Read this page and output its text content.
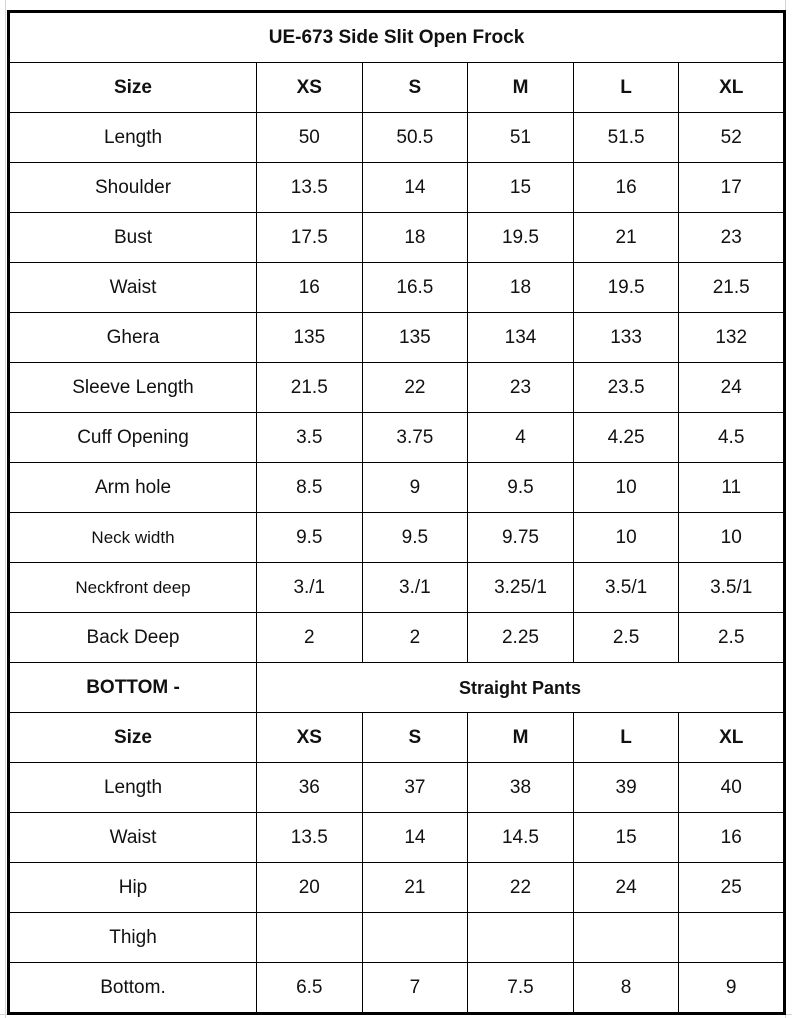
UE-673 Side Slit Open Frock					
Size	XS	S	M	L	XL
Length	50	50.5	51	51.5	52
Shoulder	13.5	14	15	16	17
Bust	17.5	18	19.5	21	23
Waist	16	16.5	18	19.5	21.5
Ghera	135	135	134	133	132
Sleeve Length	21.5	22	23	23.5	24
Cuff Opening	3.5	3.75	4	4.25	4.5
Arm hole	8.5	9	9.5	10	11
Neck width	9.5	9.5	9.75	10	10
Neckfront deep	3./1	3./1	3.25/1	3.5/1	3.5/1
Back Deep	2	2	2.25	2.5	2.5
BOTTOM -	Straight Pants				
Size	XS	S	M	L	XL
Length	36	37	38	39	40
Waist	13.5	14	14.5	15	16
Hip	20	21	22	24	25
Thigh					
Bottom.	6.5	7	7.5	8	9
